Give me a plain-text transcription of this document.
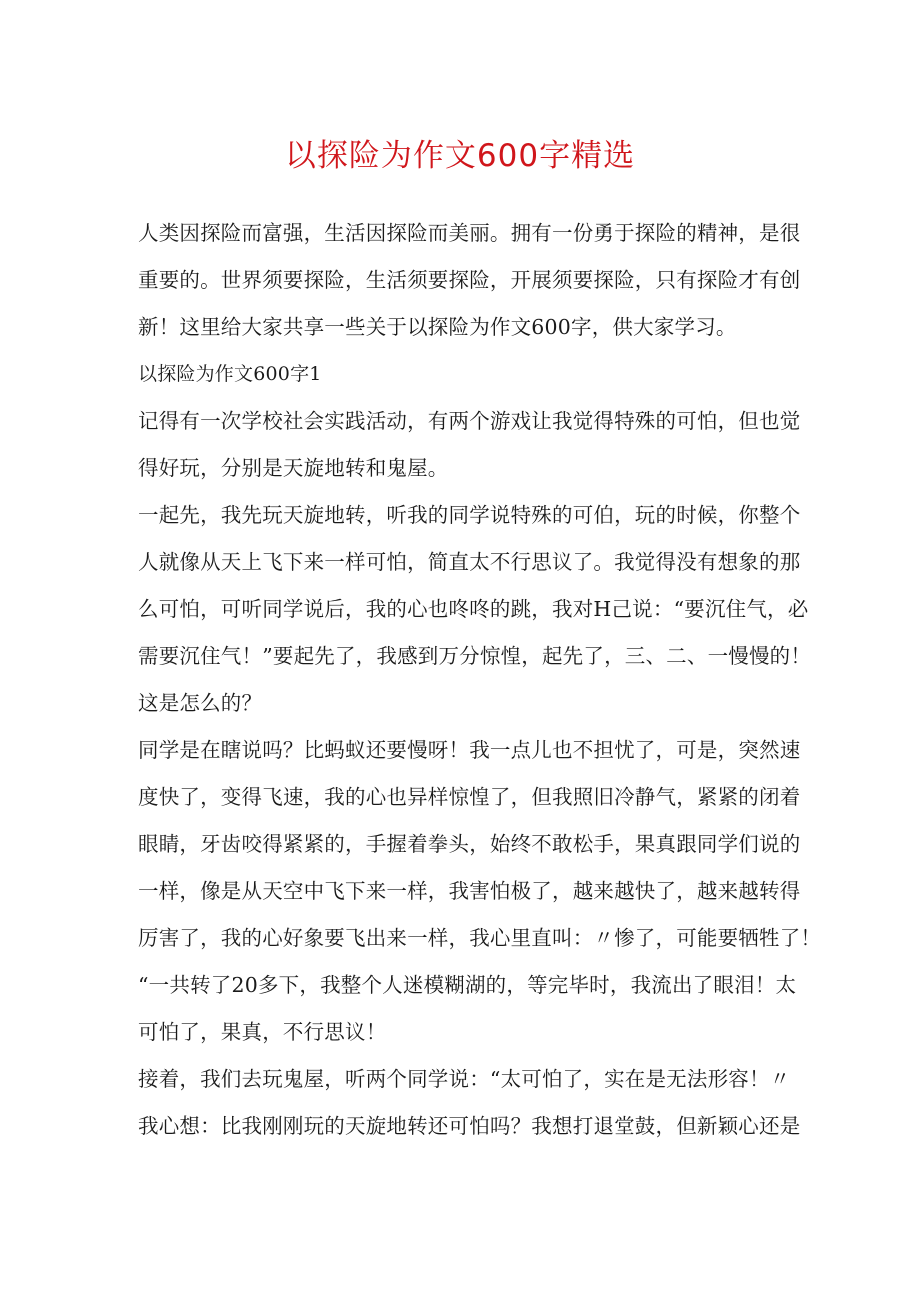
以探险为作文600字精选
人类因探险而富强，生活因探险而美丽。拥有一份勇于探险的精神，是很
重要的。世界须要探险，生活须要探险，开展须要探险，只有探险才有创
新！这里给大家共享一些关于以探险为作文600字，供大家学习。
以探险为作文600字1
记得有一次学校社会实践活动，有两个游戏让我觉得特殊的可怕，但也觉
得好玩，分别是天旋地转和鬼屋。
一起先，我先玩天旋地转，听我的同学说特殊的可伯，玩的时候，你整个
人就像从天上飞下来一样可怕，简直太不行思议了。我觉得没有想象的那
么可怕，可听同学说后，我的心也咚咚的跳，我对H己说：“要沉住气，必
需要沉住气！”要起先了，我感到万分惊惶，起先了，三、二、一慢慢的！
这是怎么的？
同学是在瞎说吗？比蚂蚁还要慢呀！我一点儿也不担忧了，可是，突然速
度快了，变得飞速，我的心也异样惊惶了，但我照旧冷静气，紧紧的闭着
眼睛，牙齿咬得紧紧的，手握着拳头，始终不敢松手，果真跟同学们说的
一样，像是从天空中飞下来一样，我害怕极了，越来越快了，越来越转得
厉害了，我的心好象要飞出来一样，我心里直叫：〃惨了，可能要牺牲了！
“一共转了20多下，我整个人迷模糊湖的，等完毕时，我流出了眼泪！太
可怕了，果真，不行思议！
接着，我们去玩鬼屋，听两个同学说：“太可怕了，实在是无法形容！〃
我心想：比我刚刚玩的天旋地转还可怕吗？我想打退堂鼓，但新颖心还是
